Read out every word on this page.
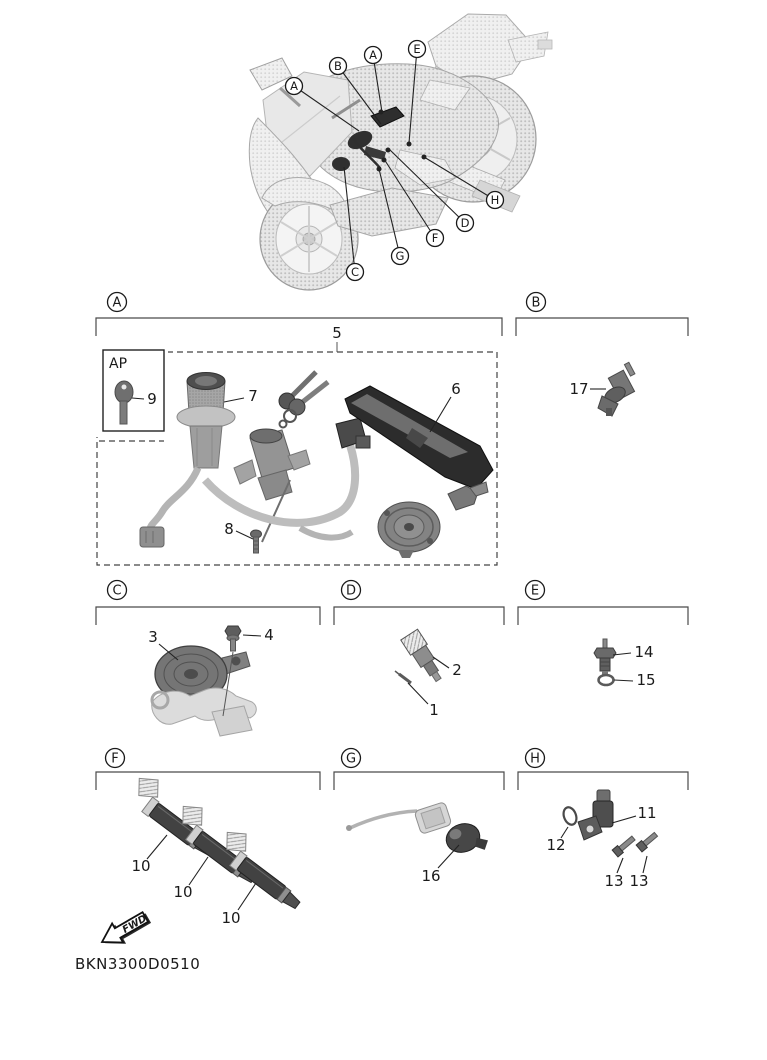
A
B
A	E
H
D
F
G
C
A
5
AP
9	7	6
8
B
17
C
3	4
D
2
1
E
14
15
F
10
10
10
G
16
H
11
12
13 13
FWD
BKN3300D0510
